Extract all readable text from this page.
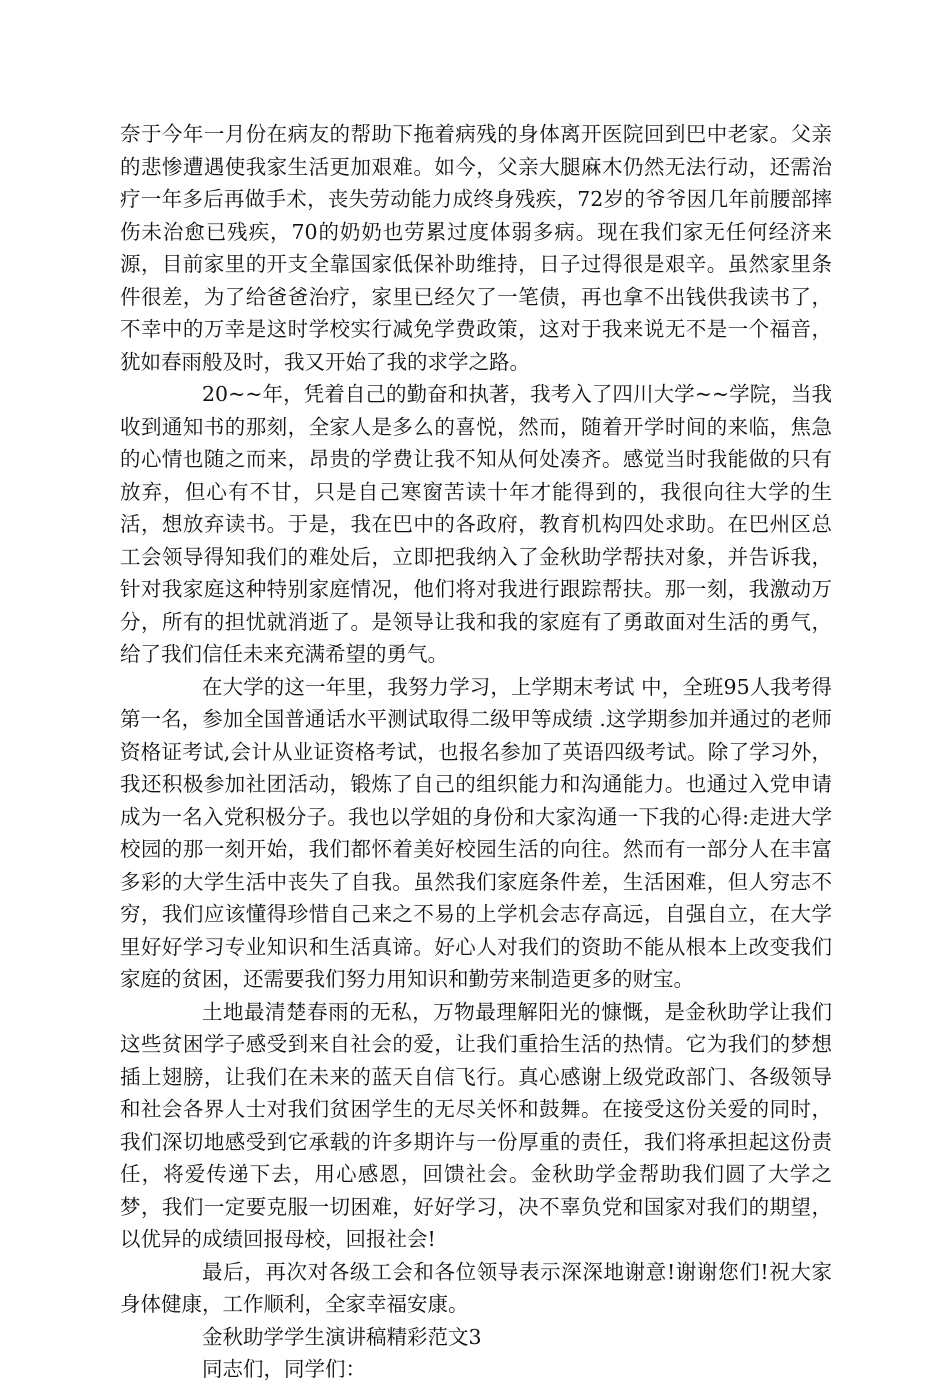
奈于今年一月份在病友的帮助下拖着病残的身体离开医院回到巴中老家。父亲的悲惨遭遇使我家生活更加艰难。如今，父亲大腿麻木仍然无法行动，还需治疗一年多后再做手术，丧失劳动能力成终身残疾，72岁的爷爷因几年前腰部摔伤未治愈已残疾，70的奶奶也劳累过度体弱多病。现在我们家无任何经济来源，目前家里的开支全靠国家低保补助维持，日子过得很是艰辛。虽然家里条件很差，为了给爸爸治疗，家里已经欠了一笔债，再也拿不出钱供我读书了，不幸中的万幸是这时学校实行减免学费政策，这对于我来说无不是一个福音，犹如春雨般及时，我又开始了我的求学之路。

20~~年，凭着自己的勤奋和执著，我考入了四川大学~~学院，当我收到通知书的那刻，全家人是多么的喜悦，然而，随着开学时间的来临，焦急的心情也随之而来，昂贵的学费让我不知从何处凑齐。感觉当时我能做的只有放弃，但心有不甘，只是自己寒窗苦读十年才能得到的，我很向往大学的生活，想放弃读书。于是，我在巴中的各政府，教育机构四处求助。在巴州区总工会领导得知我们的难处后，立即把我纳入了金秋助学帮扶对象，并告诉我，针对我家庭这种特别家庭情况，他们将对我进行跟踪帮扶。那一刻，我激动万分，所有的担忧就消逝了。是领导让我和我的家庭有了勇敢面对生活的勇气，给了我们信任未来充满希望的勇气。

在大学的这一年里，我努力学习，上学期末考试 中，全班95人我考得第一名，参加全国普通话水平测试取得二级甲等成绩 .这学期参加并通过的老师资格证考试,会计从业证资格考试，也报名参加了英语四级考试。除了学习外，我还积极参加社团活动，锻炼了自己的组织能力和沟通能力。也通过入党申请成为一名入党积极分子。我也以学姐的身份和大家沟通一下我的心得:走进大学校园的那一刻开始，我们都怀着美好校园生活的向往。然而有一部分人在丰富多彩的大学生活中丧失了自我。虽然我们家庭条件差，生活困难，但人穷志不穷，我们应该懂得珍惜自己来之不易的上学机会志存高远，自强自立，在大学里好好学习专业知识和生活真谛。好心人对我们的资助不能从根本上改变我们家庭的贫困，还需要我们努力用知识和勤劳来制造更多的财宝。

土地最清楚春雨的无私，万物最理解阳光的慷慨，是金秋助学让我们这些贫困学子感受到来自社会的爱，让我们重拾生活的热情。它为我们的梦想插上翅膀，让我们在未来的蓝天自信飞行。真心感谢上级党政部门、各级领导和社会各界人士对我们贫困学生的无尽关怀和鼓舞。在接受这份关爱的同时，我们深切地感受到它承载的许多期许与一份厚重的责任，我们将承担起这份责任，将爱传递下去，用心感恩，回馈社会。金秋助学金帮助我们圆了大学之梦，我们一定要克服一切困难，好好学习，决不辜负党和国家对我们的期望，以优异的成绩回报母校，回报社会!

最后，再次对各级工会和各位领导表示深深地谢意!谢谢您们!祝大家身体健康，工作顺利，全家幸福安康。

金秋助学学生演讲稿精彩范文3

同志们，同学们：
